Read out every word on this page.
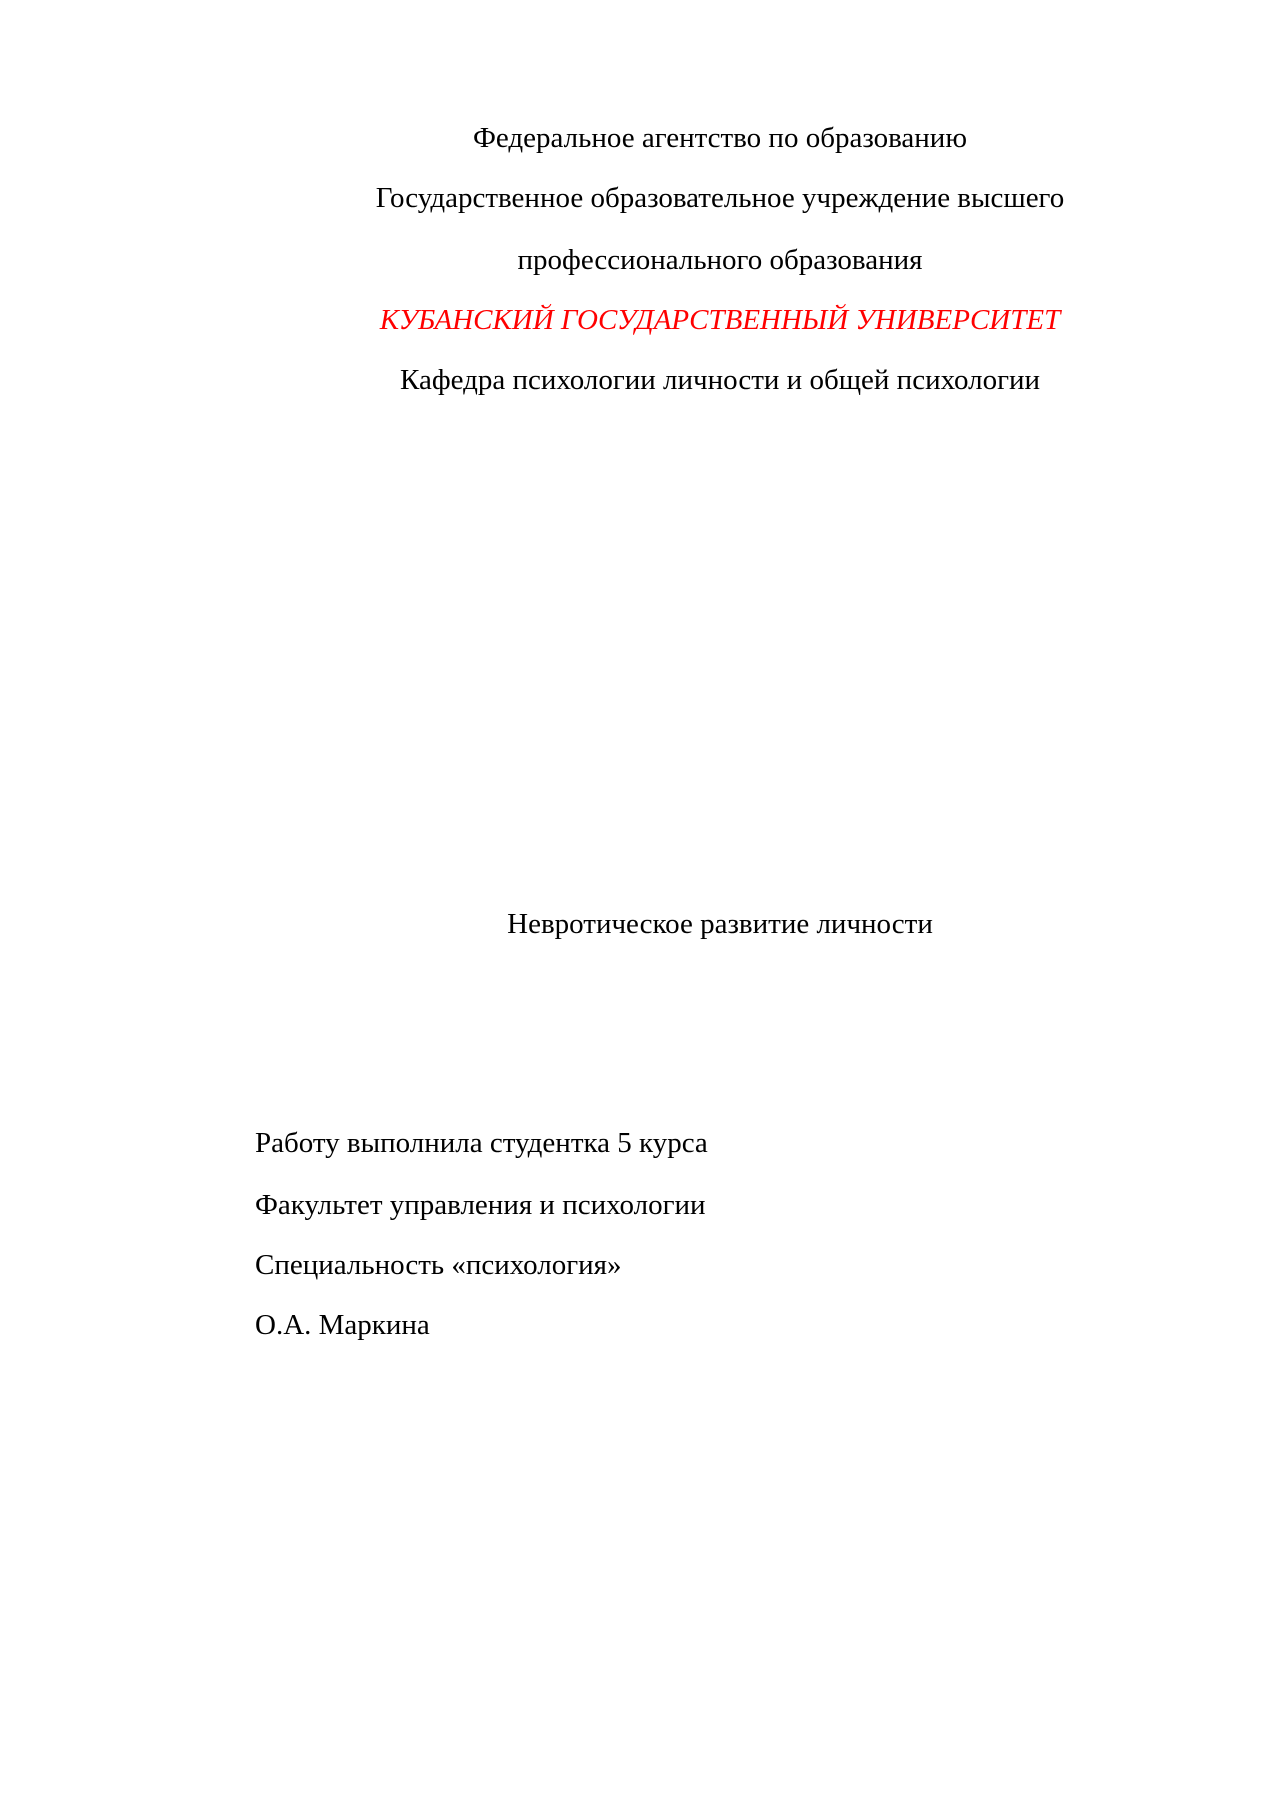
Федеральное агентство по образованию
Государственное образовательное учреждение высшего
профессионального образования
КУБАНСКИЙ ГОСУДАРСТВЕННЫЙ УНИВЕРСИТЕТ
Кафедра психологии личности и общей психологии
Невротическое развитие личности
Работу выполнила студентка 5 курса
Факультет управления и психологии
Специальность «психология»
О.А. Маркина
